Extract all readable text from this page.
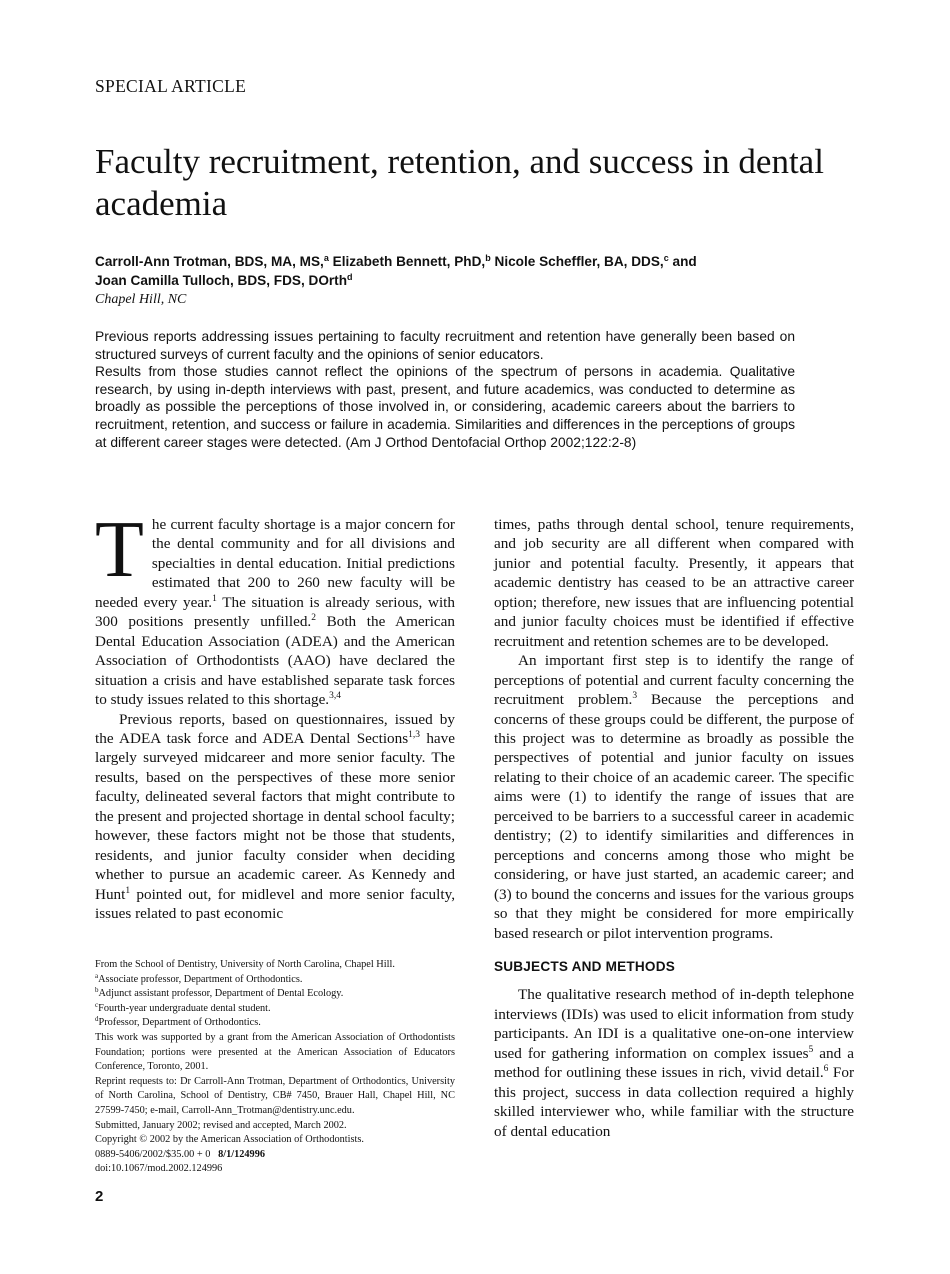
SPECIAL ARTICLE
Faculty recruitment, retention, and success in dental academia
Carroll-Ann Trotman, BDS, MA, MS,$^a$ Elizabeth Bennett, PhD,$^b$ Nicole Scheffler, BA, DDS,$^c$ and
Joan Camilla Tulloch, BDS, FDS, DOrth$^d$
Chapel Hill, NC

Previous reports addressing issues pertaining to faculty recruitment and retention have generally been based on structured surveys of current faculty and the opinions of senior educators.

Results from those studies cannot reflect the opinions of the spectrum of persons in academia. Qualitative research, by using in-depth interviews with past, present, and future academics, was conducted to determine as broadly as possible the perceptions of those involved in, or considering, academic careers about the barriers to recruitment, retention, and success or failure in academia. Similarities and differences in the perceptions of groups at different career stages were detected. (Am J Orthod Dentofacial Orthop 2002;122:2-8)

The current faculty shortage is a major concern for the dental community and for all divisions and specialties in dental education. Initial predictions estimated that 200 to 260 new faculty will be needed every year.$^1$ The situation is already serious, with 300 positions presently unfilled.$^2$ Both the American Dental Education Association (ADEA) and the American Association of Orthodontists (AAO) have declared the situation a crisis and have established separate task forces to study issues related to this shortage.$^{3,4}$

Previous reports, based on questionnaires, issued by the ADEA task force and ADEA Dental Sections$^{1,3}$ have largely surveyed midcareer and more senior faculty. The results, based on the perspectives of these more senior faculty, delineated several factors that might contribute to the present and projected shortage in dental school faculty; however, these factors might not be those that students, residents, and junior faculty consider when deciding whether to pursue an academic career. As Kennedy and Hunt$^1$ pointed out, for midlevel and more senior faculty, issues related to past economic

From the School of Dentistry, University of North Carolina, Chapel Hill.
$^a$Associate professor, Department of Orthodontics.
$^b$Adjunct assistant professor, Department of Dental Ecology.
$^c$Fourth-year undergraduate dental student.
$^d$Professor, Department of Orthodontics.
This work was supported by a grant from the American Association of Orthodontists Foundation; portions were presented at the American Association of Educators Conference, Toronto, 2001.
Reprint requests to: Dr Carroll-Ann Trotman, Department of Orthodontics, University of North Carolina, School of Dentistry, CB# 7450, Brauer Hall, Chapel Hill, NC 27599-7450; e-mail, Carroll-Ann_Trotman@dentistry.unc.edu.
Submitted, January 2002; revised and accepted, March 2002.
Copyright © 2002 by the American Association of Orthodontists.
0889-5406/2002/$35.00 + 0 8/1/124996
doi:10.1067/mod.2002.124996

times, paths through dental school, tenure requirements, and job security are all different when compared with junior and potential faculty. Presently, it appears that academic dentistry has ceased to be an attractive career option; therefore, new issues that are influencing potential and junior faculty choices must be identified if effective recruitment and retention schemes are to be developed.

An important first step is to identify the range of perceptions of potential and current faculty concerning the recruitment problem.$^3$ Because the perceptions and concerns of these groups could be different, the purpose of this project was to determine as broadly as possible the perspectives of potential and junior faculty on issues relating to their choice of an academic career. The specific aims were (1) to identify the range of issues that are perceived to be barriers to a successful career in academic dentistry; (2) to identify similarities and differences in perceptions and concerns among those who might be considering, or have just started, an academic career; and (3) to bound the concerns and issues for the various groups so that they might be considered for more empirically based research or pilot intervention programs.

SUBJECTS AND METHODS

The qualitative research method of in-depth telephone interviews (IDIs) was used to elicit information from study participants. An IDI is a qualitative one-on-one interview used for gathering information on complex issues$^5$ and a method for outlining these issues in rich, vivid detail.$^6$ For this project, success in data collection required a highly skilled interviewer who, while familiar with the structure of dental education

2
